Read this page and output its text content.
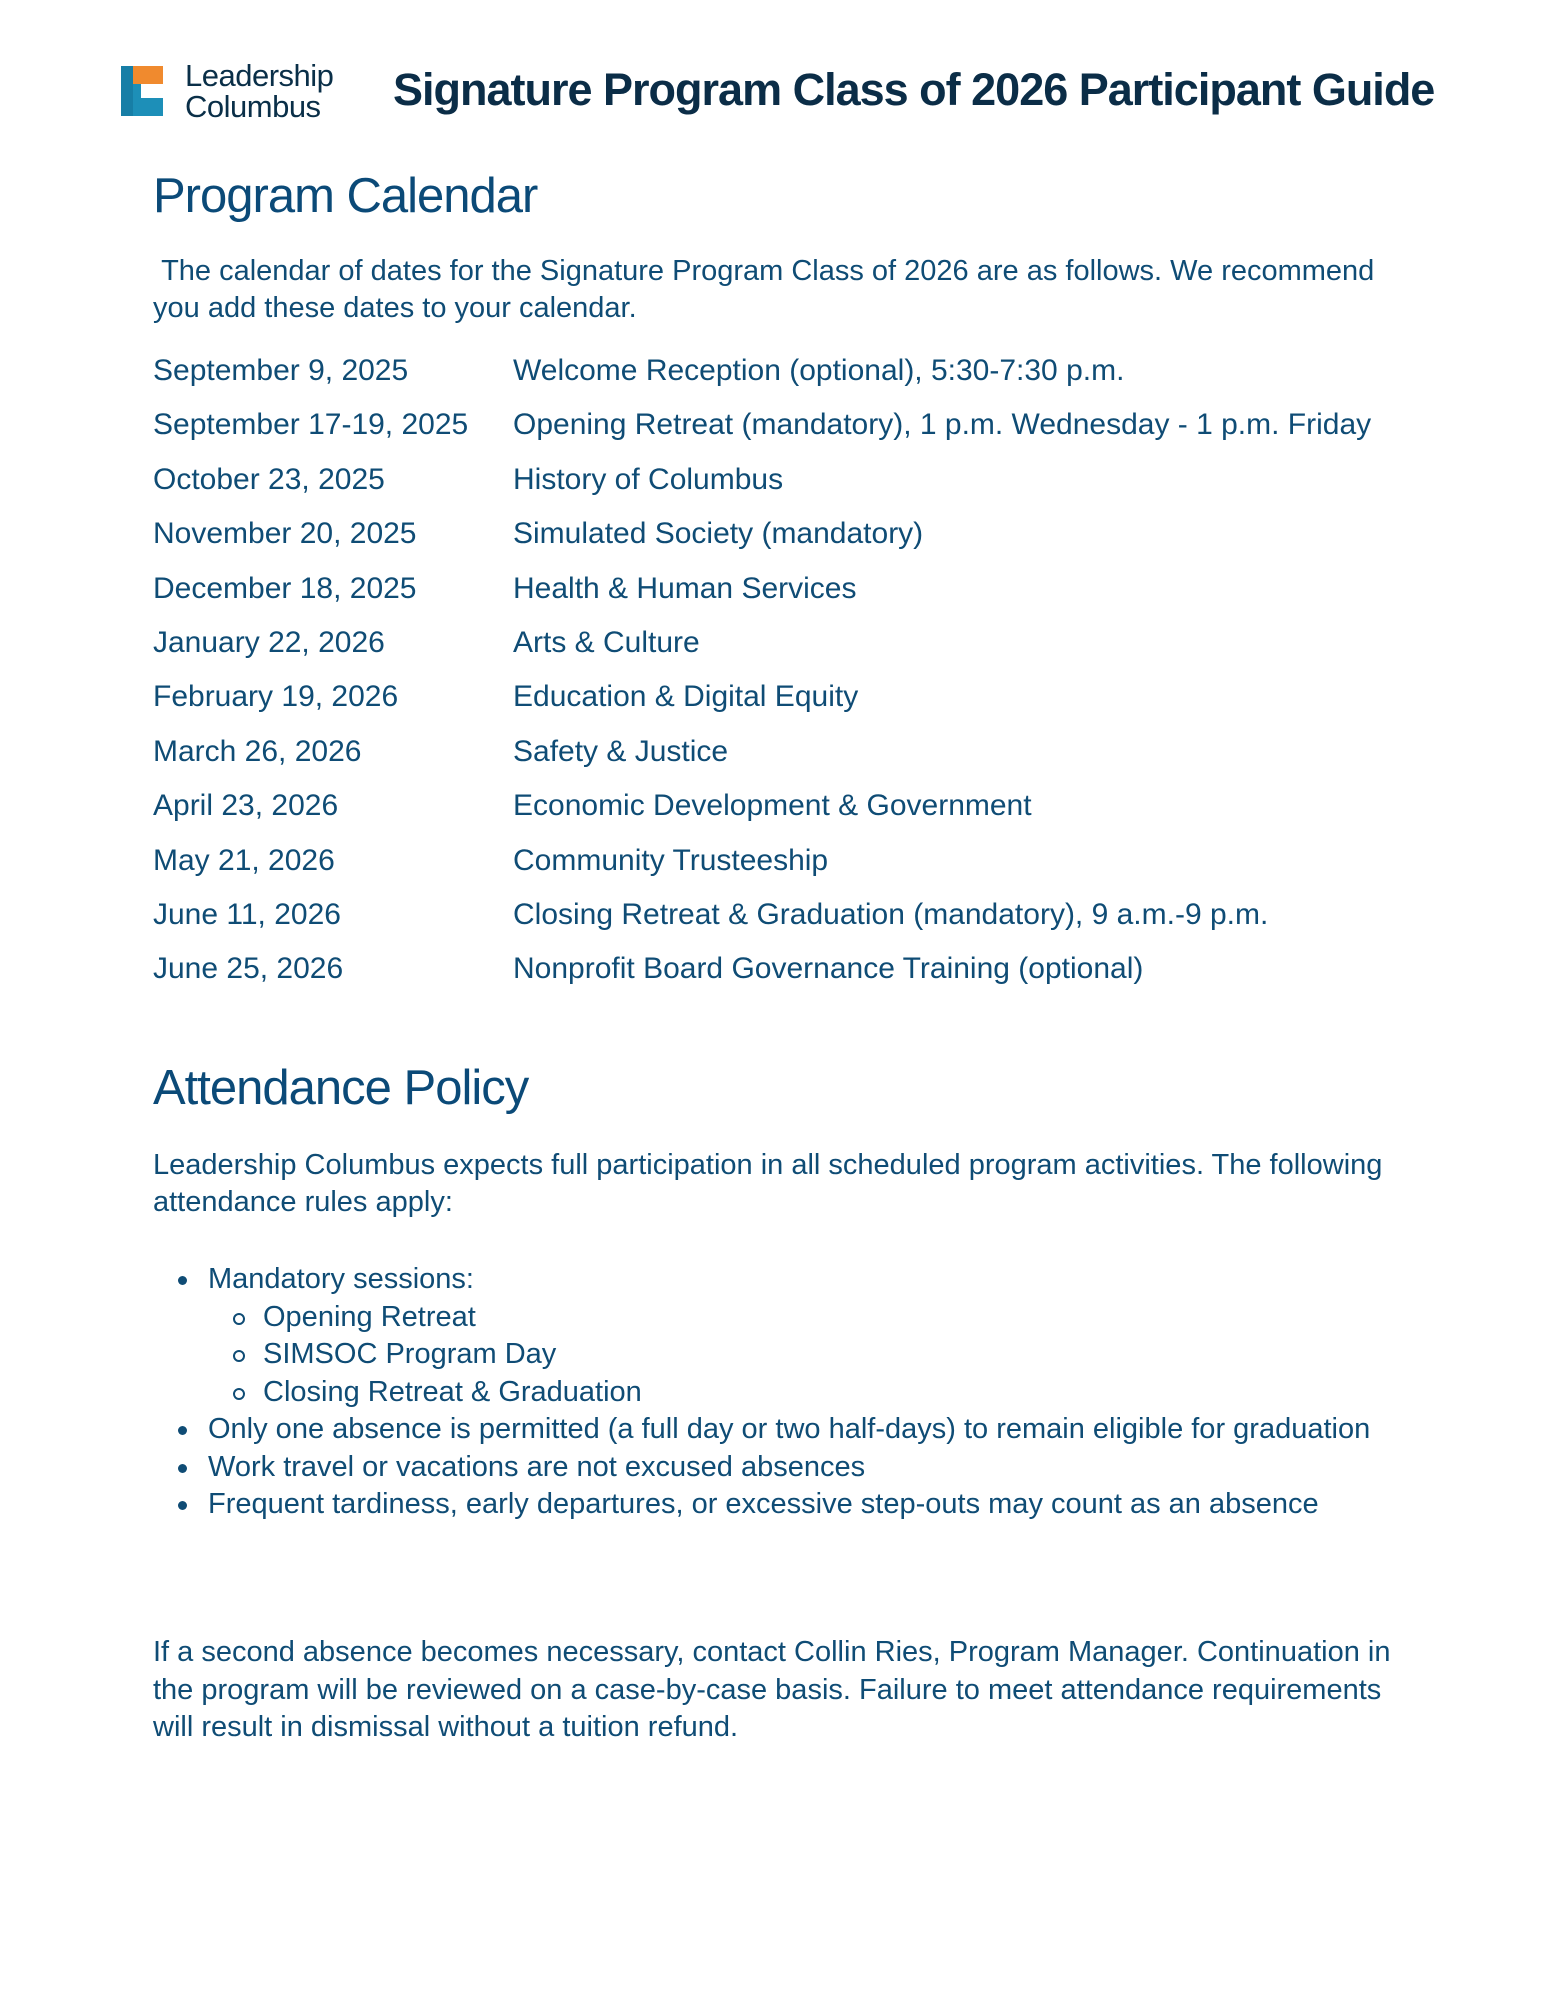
Leadership
Columbus Signature Program Class of 2026 Participant Guide
Program Calendar
The calendar of dates for the Signature Program Class of 2026 are as follows. We recommend you add these dates to your calendar.
September 9, 2025	Welcome Reception (optional), 5:30-7:30 p.m.
September 17-19, 2025 Opening Retreat (mandatory), 1 p.m. Wednesday - 1 p.m. Friday
October 23, 2025	History of Columbus
November 20, 2025	Simulated Society (mandatory)
December 18, 2025	Health & Human Services
January 22, 2026	Arts & Culture
February 19, 2026	Education & Digital Equity
March 26, 2026	Safety & Justice
April 23, 2026	Economic Development & Government
May 21, 2026	Community Trusteeship
June 11, 2026	Closing Retreat & Graduation (mandatory), 9 a.m.-9 p.m.
June 25, 2026	Nonprofit Board Governance Training (optional)
Attendance Policy
Leadership Columbus expects full participation in all scheduled program activities. The following attendance rules apply:
Mandatory sessions:
Opening Retreat
SIMSOC Program Day
Closing Retreat & Graduation
Only one absence is permitted (a full day or two half-days) to remain eligible for graduation
Work travel or vacations are not excused absences
Frequent tardiness, early departures, or excessive step-outs may count as an absence
If a second absence becomes necessary, contact Collin Ries, Program Manager. Continuation in the program will be reviewed on a case-by-case basis. Failure to meet attendance requirements will result in dismissal without a tuition refund.
